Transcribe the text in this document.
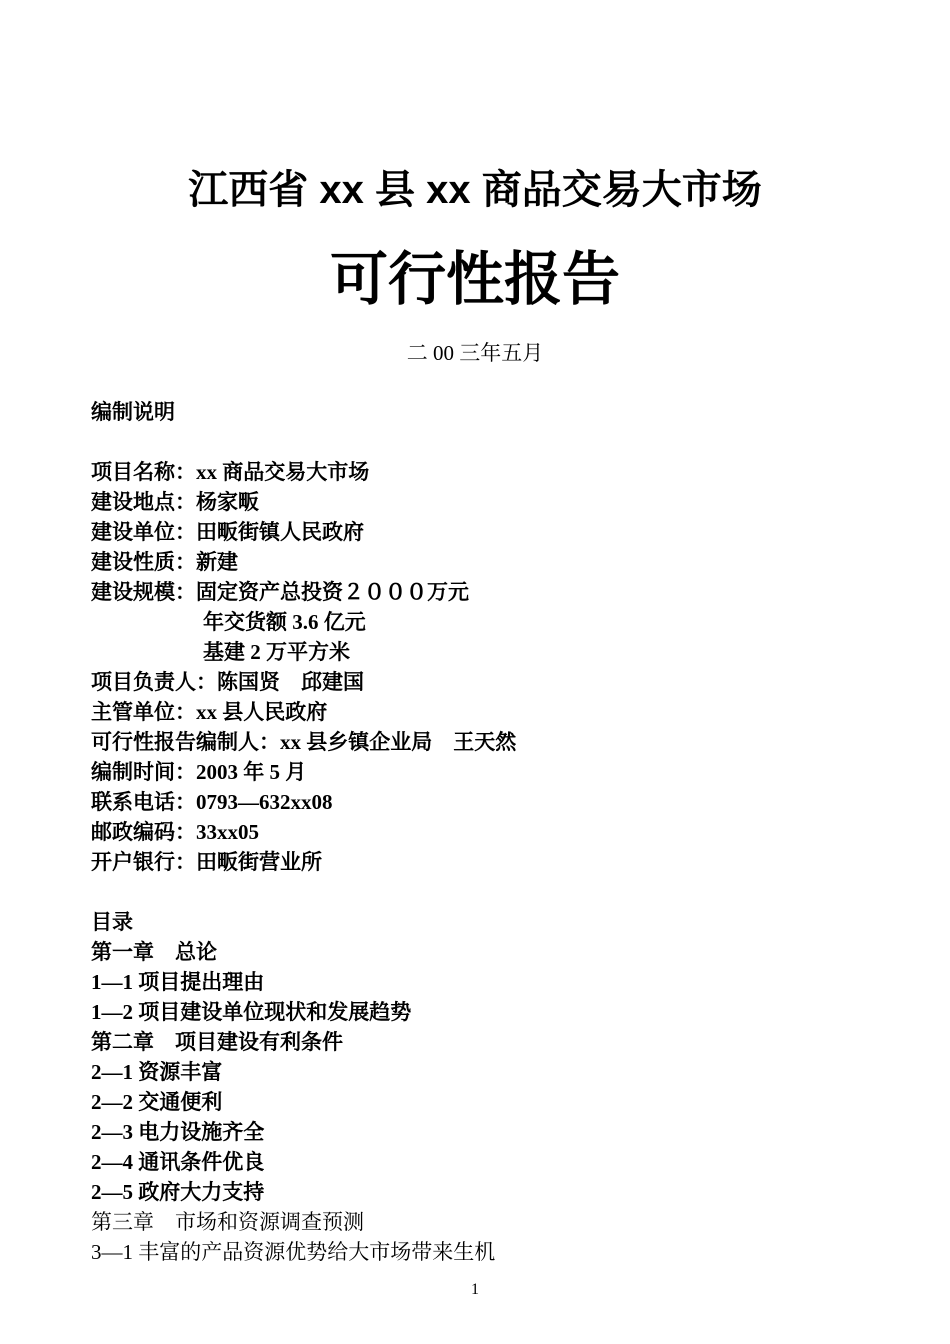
江西省 xx 县 xx 商品交易大市场
可行性报告
二 00 三年五月
编制说明
项目名称：xx 商品交易大市场
建设地点：杨家畈
建设单位：田畈街镇人民政府
建设性质：新建
建设规模：固定资产总投资２０００万元
年交货额 3.6 亿元
基建 2 万平方米
项目负责人：陈国贤　邱建国
主管单位：xx 县人民政府
可行性报告编制人：xx 县乡镇企业局　王天然
编制时间：2003 年 5 月
联系电话：0793—632xx08
邮政编码：33xx05
开户银行：田畈街营业所
目录
第一章　总论
1—1 项目提出理由
1—2 项目建设单位现状和发展趋势
第二章　项目建设有利条件
2—1 资源丰富
2—2 交通便利
2—3 电力设施齐全
2—4 通讯条件优良
2—5 政府大力支持
第三章　市场和资源调查预测
3—1 丰富的产品资源优势给大市场带来生机
1
